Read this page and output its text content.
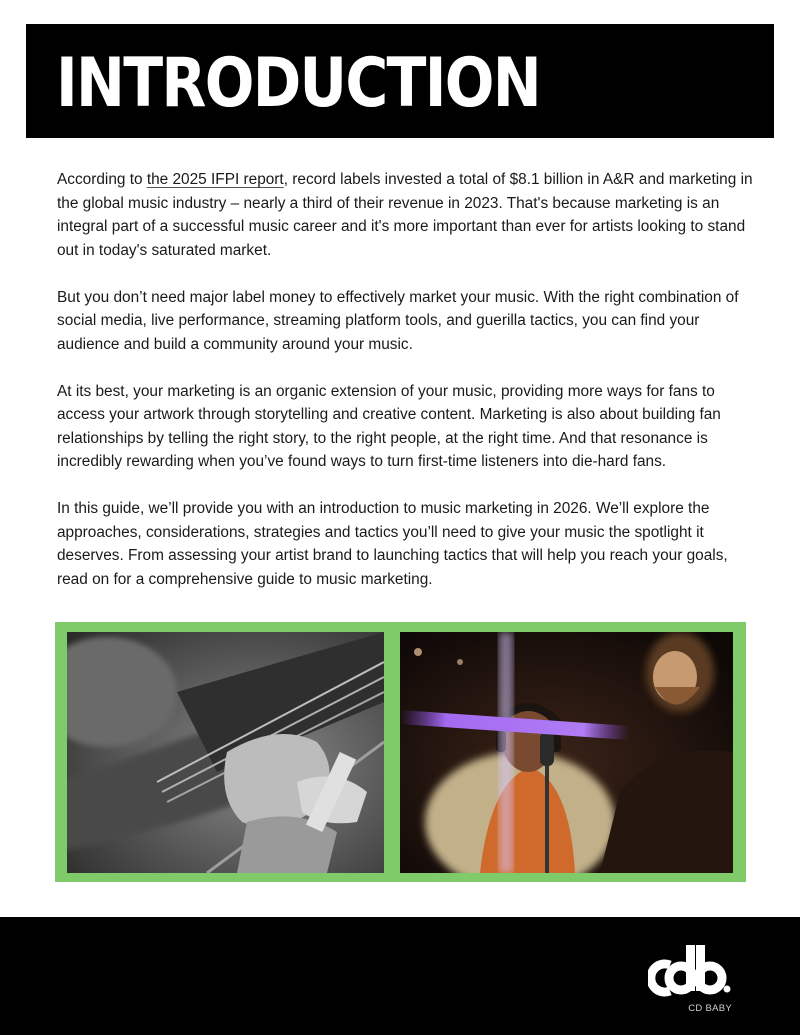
INTRODUCTION

According to the 2025 IFPI report, record labels invested a total of $8.1 billion in A&R and marketing in the global music industry – nearly a third of their revenue in 2023. That's because marketing is an integral part of a successful music career and it's more important than ever for artists looking to stand out in today's saturated market.

But you don’t need major label money to effectively market your music. With the right combination of social media, live performance, streaming platform tools, and guerilla tactics, you can find your audience and build a community around your music.

At its best, your marketing is an organic extension of your music, providing more ways for fans to access your artwork through storytelling and creative content. Marketing is also about building fan relationships by telling the right story, to the right people, at the right time. And that resonance is incredibly rewarding when you’ve found ways to turn first-time listeners into die-hard fans.

In this guide, we’ll provide you with an introduction to music marketing in 2026. We’ll explore the approaches, considerations, strategies and tactics you’ll need to give your music the spotlight it deserves. From assessing your artist brand to launching tactics that will help you reach your goals, read on for a comprehensive guide to music marketing.

CD BABY
